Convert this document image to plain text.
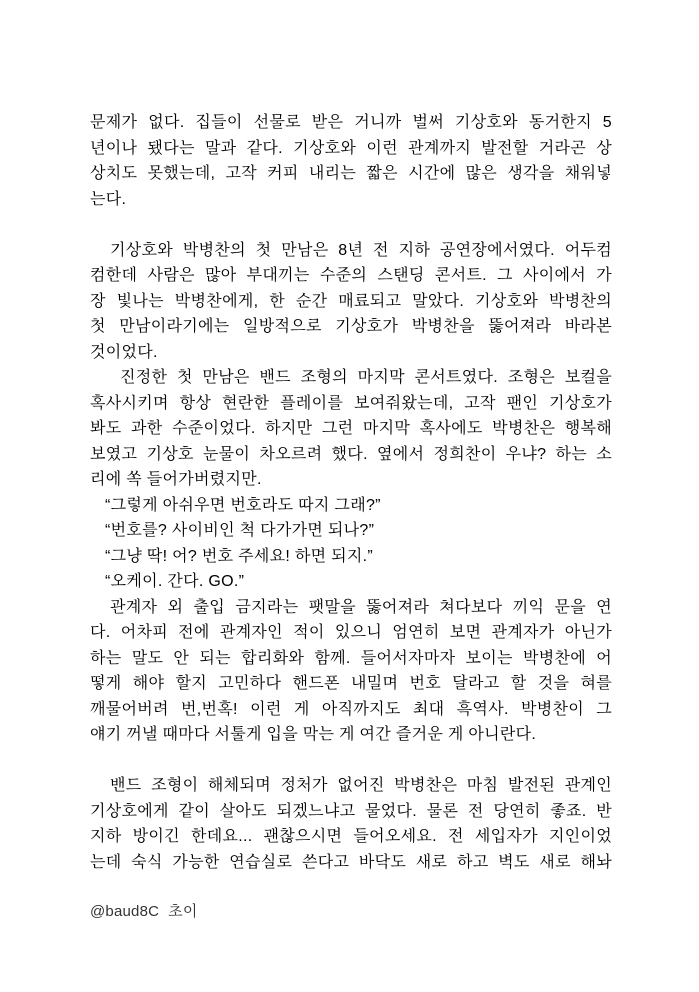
문제가 없다. 집들이 선물로 받은 거니까 벌써 기상호와 동거한지 5
년이나 됐다는 말과 같다. 기상호와 이런 관계까지 발전할 거라곤 상
상치도 못했는데, 고작 커피 내리는 짧은 시간에 많은 생각을 채워넣
는다.

기상호와 박병찬의 첫 만남은 8년 전 지하 공연장에서였다. 어두컴
컴한데 사람은 많아 부대끼는 수준의 스탠딩 콘서트. 그 사이에서 가
장 빛나는 박병찬에게, 한 순간 매료되고 말았다. 기상호와 박병찬의
첫 만남이라기에는 일방적으로 기상호가 박병찬을 뚫어져라 바라본
것이었다.
진정한 첫 만남은 밴드 조형의 마지막 콘서트였다. 조형은 보컬을
혹사시키며 항상 현란한 플레이를 보여줘왔는데, 고작 팬인 기상호가
봐도 과한 수준이었다. 하지만 그런 마지막 혹사에도 박병찬은 행복해
보였고 기상호 눈물이 차오르려 했다. 옆에서 정희찬이 우냐? 하는 소
리에 쏙 들어가버렸지만.
“그렇게 아쉬우면 번호라도 따지 그래?”
“번호를? 사이비인 척 다가가면 되나?”
“그냥 딱! 어? 번호 주세요! 하면 되지.”
“오케이. 간다. GO.”
관계자 외 출입 금지라는 팻말을 뚫어져라 쳐다보다 끼익 문을 연
다. 어차피 전에 관계자인 적이 있으니 엄연히 보면 관계자가 아닌가
하는 말도 안 되는 합리화와 함께. 들어서자마자 보이는 박병찬에 어
떻게 해야 할지 고민하다 핸드폰 내밀며 번호 달라고 할 것을 혀를
깨물어버려 번,번혹! 이런 게 아직까지도 최대 흑역사. 박병찬이 그
얘기 꺼낼 때마다 서툴게 입을 막는 게 여간 즐거운 게 아니란다.

밴드 조형이 해체되며 정처가 없어진 박병찬은 마침 발전된 관계인
기상호에게 같이 살아도 되겠느냐고 물었다. 물론 전 당연히 좋죠. 반
지하 방이긴 한데요... 괜찮으시면 들어오세요. 전 세입자가 지인이었
는데 숙식 가능한 연습실로 쓴다고 바닥도 새로 하고 벽도 새로 해놔
@baud8C 초이
